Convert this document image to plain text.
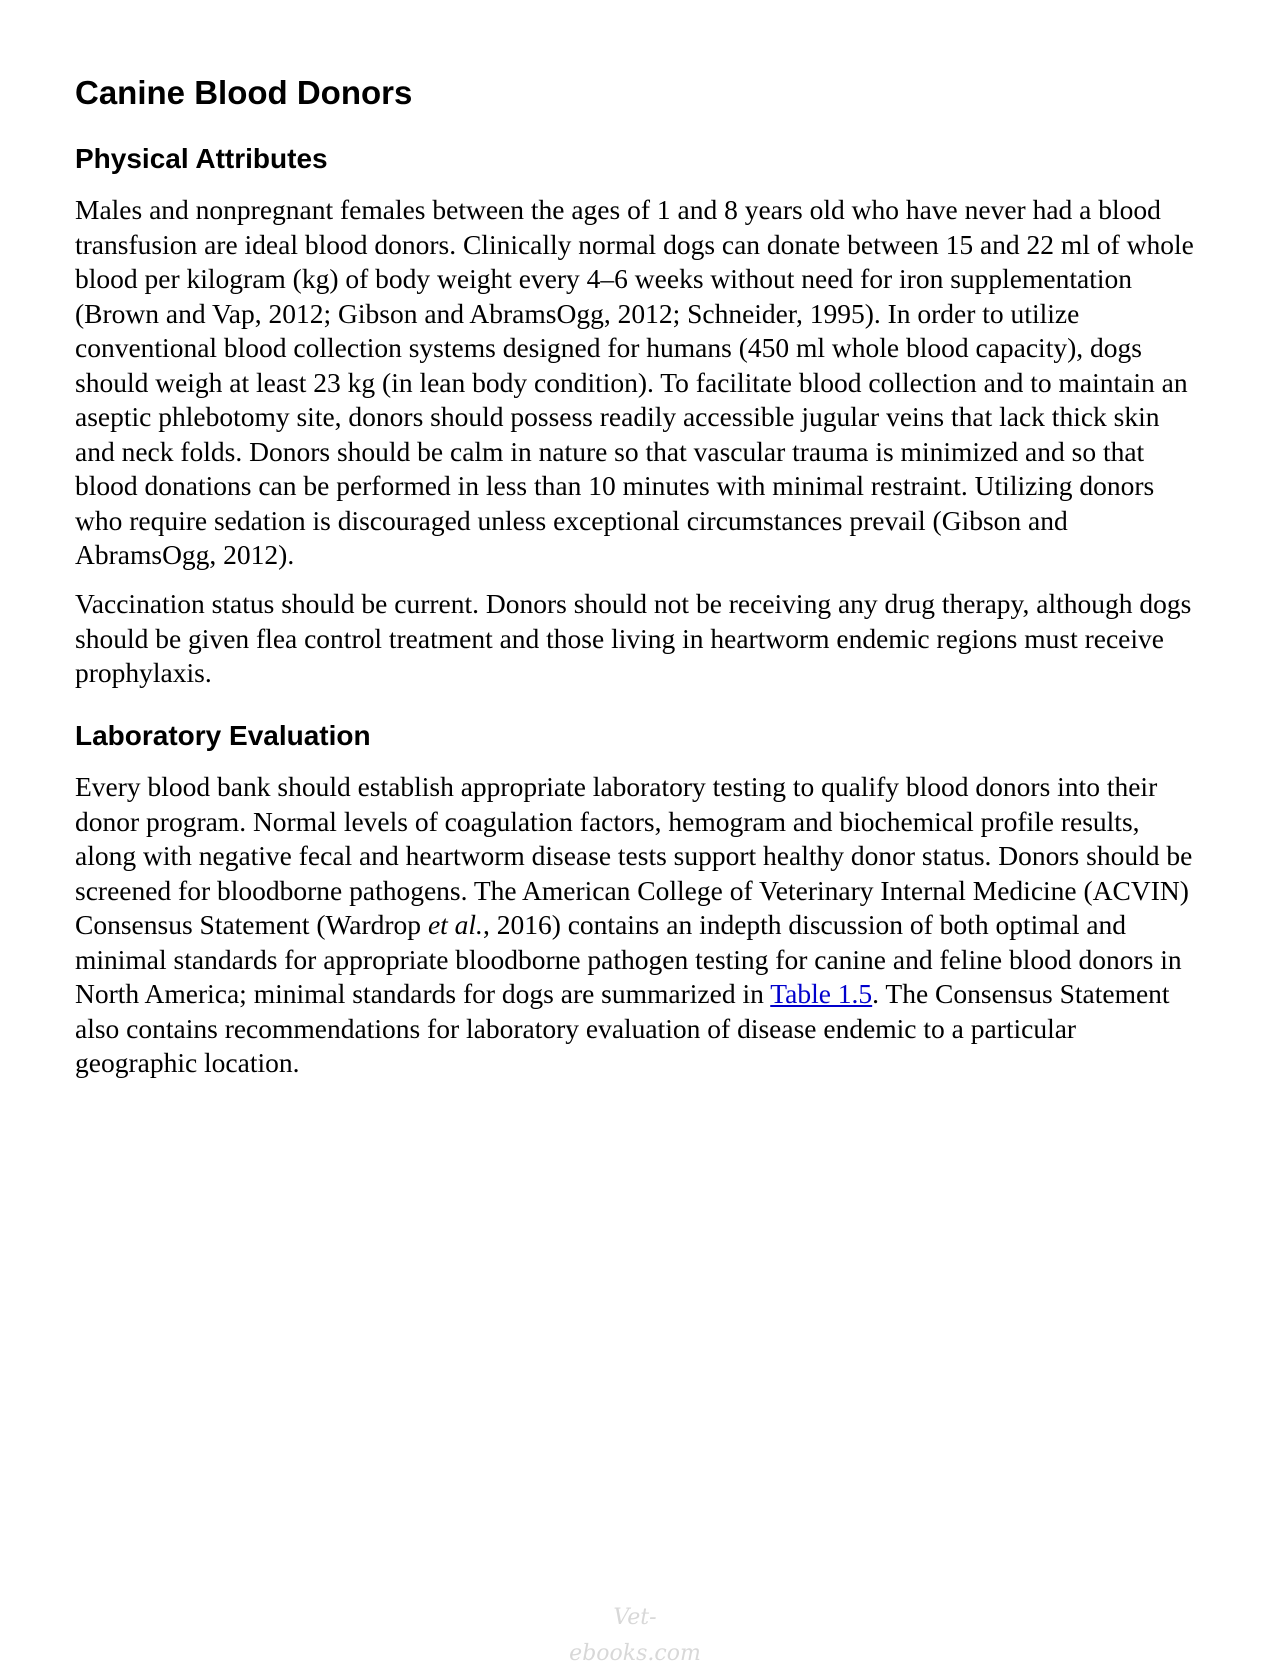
Canine Blood Donors
Physical Attributes

Males and nonpregnant females between the ages of 1 and 8 years old who have never had a blood transfusion are ideal blood donors. Clinically normal dogs can donate between 15 and 22 ml of whole blood per kilogram (kg) of body weight every 4–6 weeks without need for iron supplementation (Brown and Vap, 2012; Gibson and AbramsOgg, 2012; Schneider, 1995). In order to utilize conventional blood collection systems designed for humans (450 ml whole blood capacity), dogs should weigh at least 23 kg (in lean body condition). To facilitate blood collection and to maintain an aseptic phlebotomy site, donors should possess readily accessible jugular veins that lack thick skin and neck folds. Donors should be calm in nature so that vascular trauma is minimized and so that blood donations can be performed in less than 10 minutes with minimal restraint. Utilizing donors who require sedation is discouraged unless exceptional circumstances prevail (Gibson and AbramsOgg, 2012).

Vaccination status should be current. Donors should not be receiving any drug therapy, although dogs should be given flea control treatment and those living in heartworm endemic regions must receive prophylaxis.

Laboratory Evaluation

Every blood bank should establish appropriate laboratory testing to qualify blood donors into their donor program. Normal levels of coagulation factors, hemogram and biochemical profile results, along with negative fecal and heartworm disease tests support healthy donor status. Donors should be screened for bloodborne pathogens. The American College of Veterinary Internal Medicine (ACVIN) Consensus Statement (Wardrop et al., 2016) contains an indepth discussion of both optimal and minimal standards for appropriate bloodborne pathogen testing for canine and feline blood donors in North America; minimal standards for dogs are summarized in Table 1.5. The Consensus Statement also contains recommendations for laboratory evaluation of disease endemic to a particular geographic location.

Vet-ebooks.com
